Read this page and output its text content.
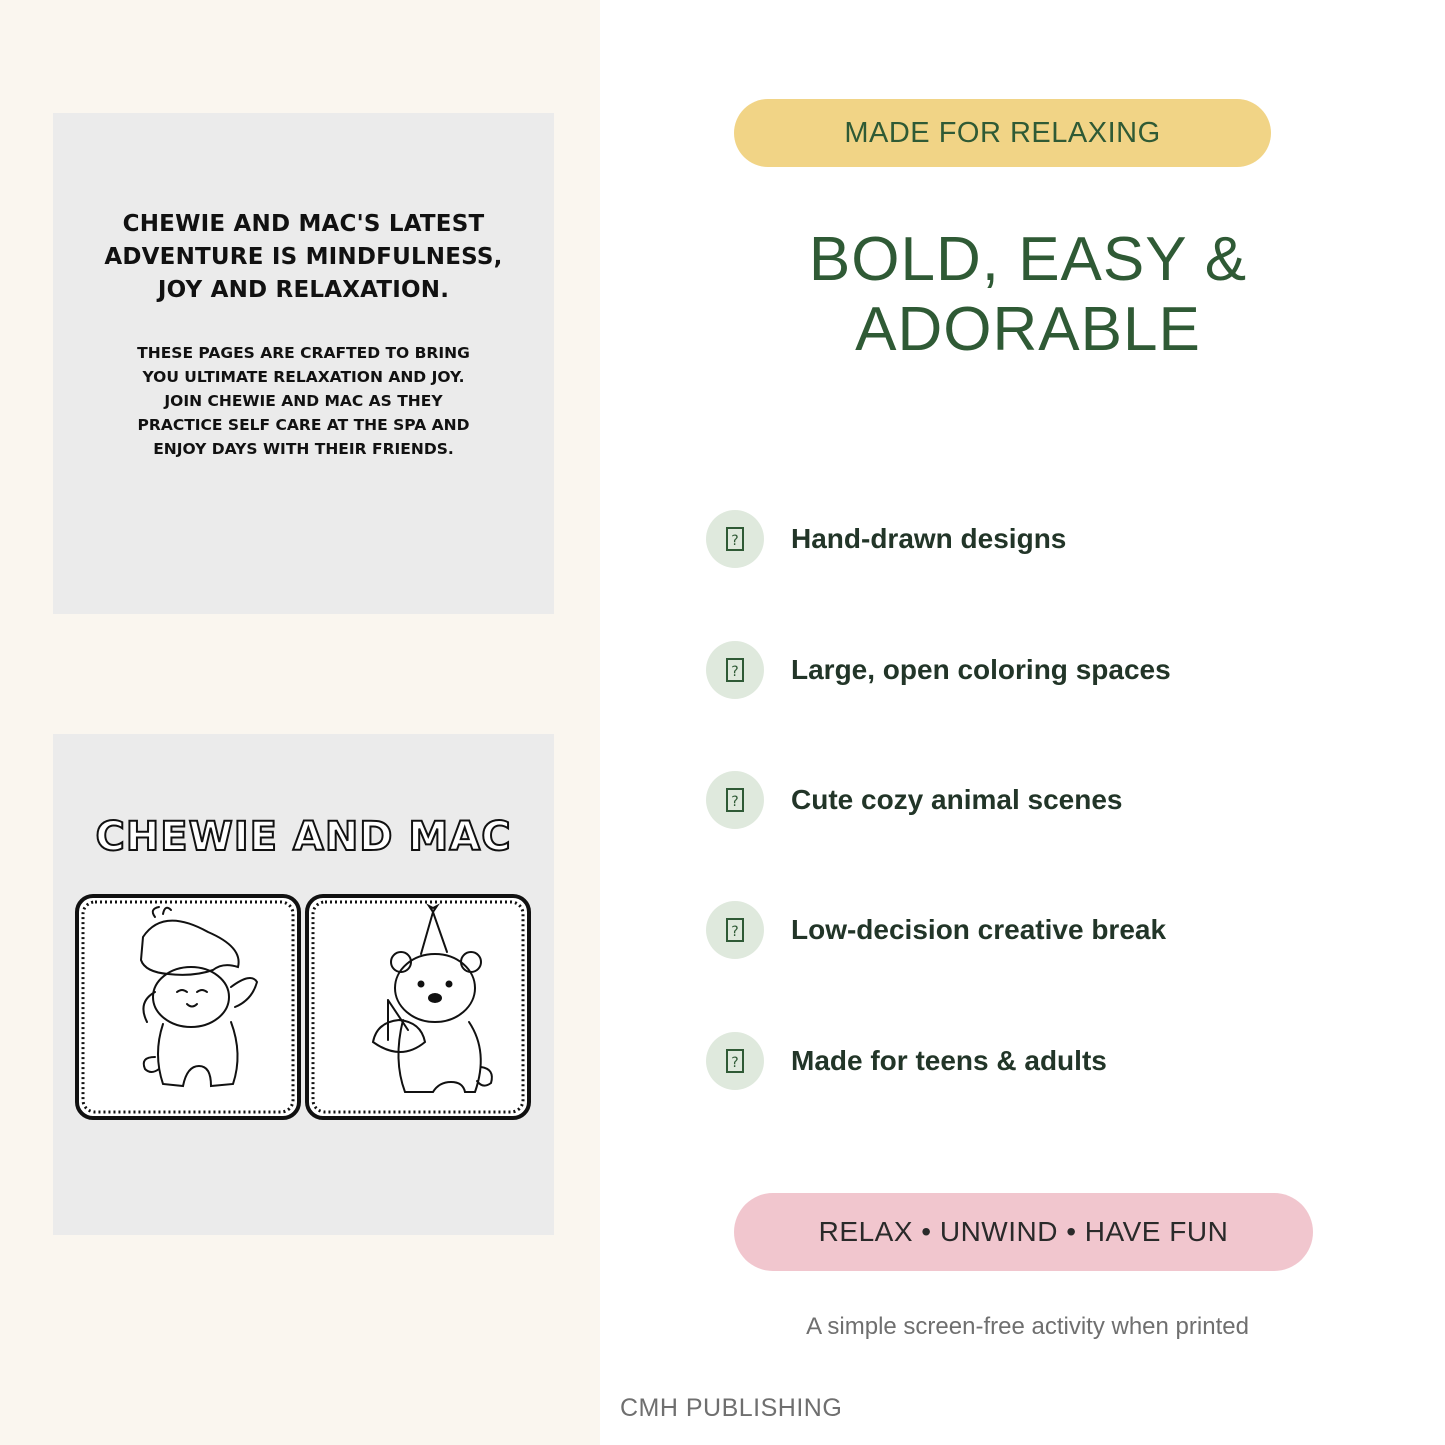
CHEWIE AND MAC'S LATEST ADVENTURE IS MINDFULNESS, JOY AND RELAXATION.
THESE PAGES ARE CRAFTED TO BRING YOU ULTIMATE RELAXATION AND JOY. JOIN CHEWIE AND MAC AS THEY PRACTICE SELF CARE AT THE SPA AND ENJOY DAYS WITH THEIR FRIENDS.
CHEWIE AND MAC
MADE FOR RELAXING
BOLD, EASY & ADORABLE
? Hand-drawn designs
? Large, open coloring spaces
? Cute cozy animal scenes
? Low-decision creative break
? Made for teens & adults
RELAX • UNWIND • HAVE FUN
A simple screen-free activity when printed
CMH PUBLISHING
